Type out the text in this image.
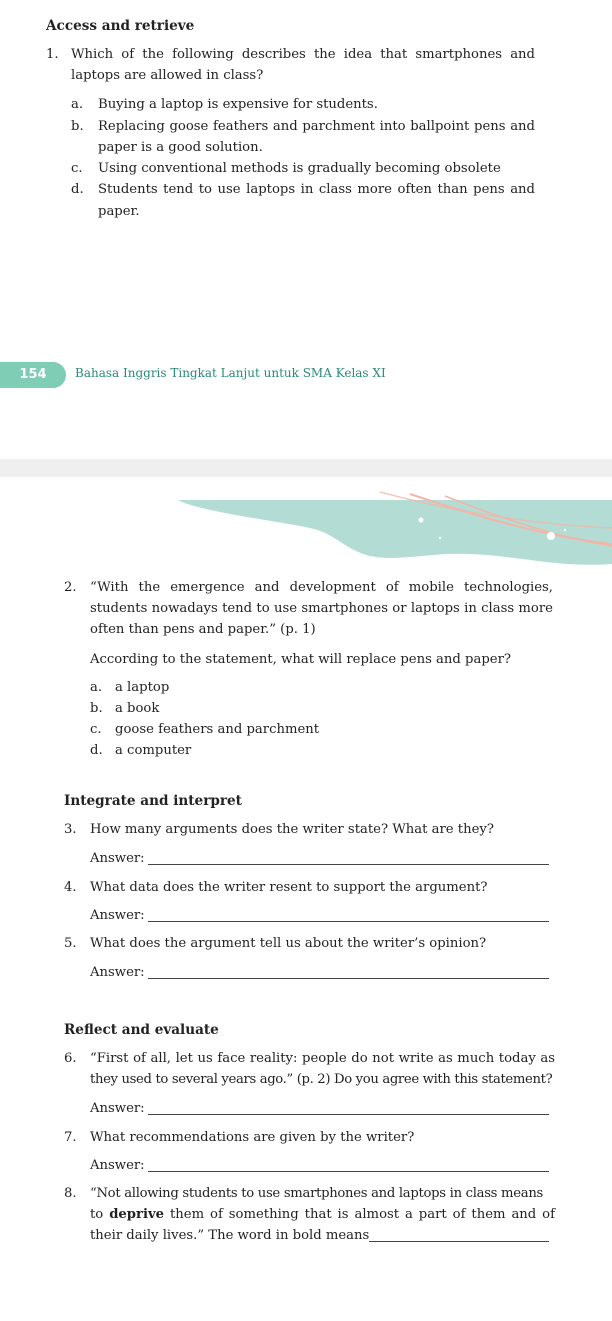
Access and retrieve
1. Which of the following describes the idea that smartphones and
laptops are allowed in class?
a. Buying a laptop is expensive for students.
b. Replacing goose feathers and parchment into ballpoint pens and
paper is a good solution.
c. Using conventional methods is gradually becoming obsolete
d. Students tend to use laptops in class more often than pens and
paper.
154	Bahasa Inggris Tingkat Lanjut untuk SMA Kelas XI
2. “With the emergence and development of mobile technologies,
students nowadays tend to use smartphones or laptops in class more
often than pens and paper.” (p. 1)
According to the statement, what will replace pens and paper?
a. a laptop
b. a book
c. goose feathers and parchment
d. a computer
Integrate and interpret
3. How many arguments does the writer state? What are they?
Answer:
4. What data does the writer resent to support the argument?
Answer:
5. What does the argument tell us about the writer’s opinion?
Answer:
Reflect and evaluate
6. “First of all, let us face reality: people do not write as much today as
they used to several years ago.” (p. 2) Do you agree with this statement?
Answer:
7. What recommendations are given by the writer?
Answer:
8. “Not allowing students to use smartphones and laptops in class means
to deprive them of something that is almost a part of them and of
their daily lives.” The word in bold means
